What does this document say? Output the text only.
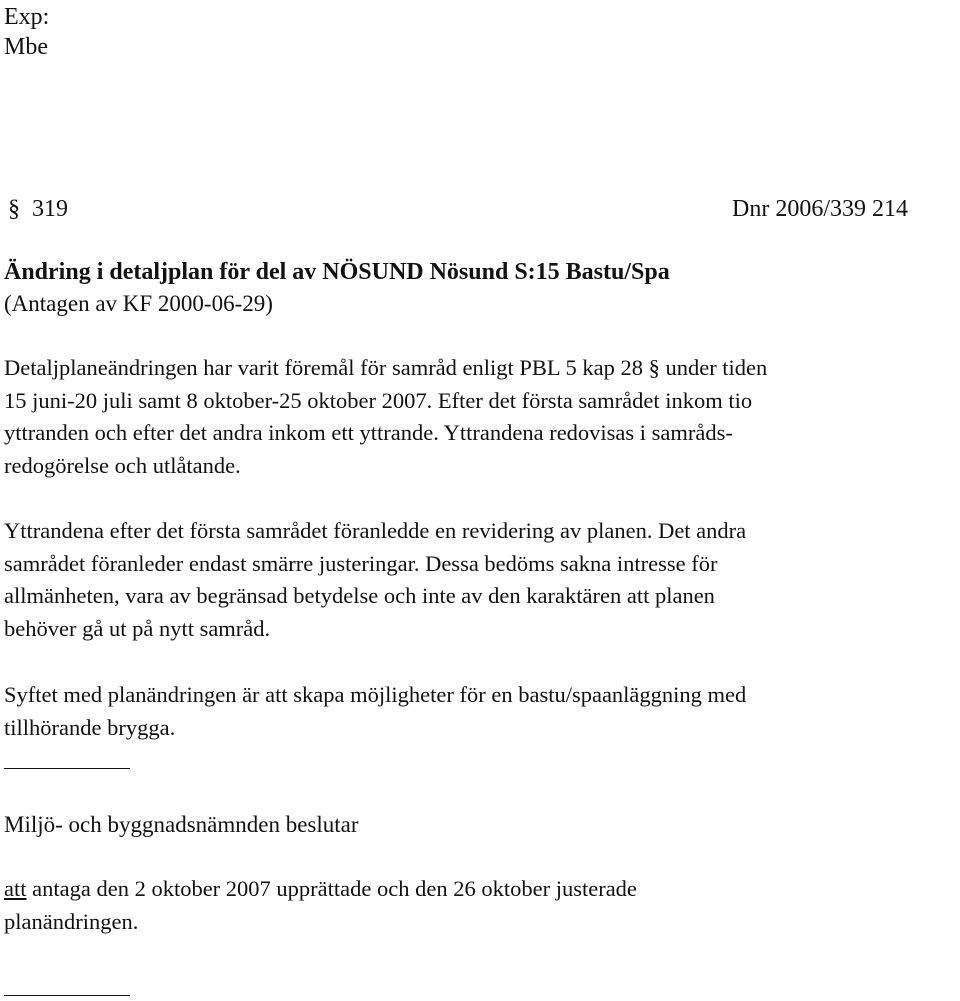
Exp:
Mbe
§ 319	Dnr 2006/339 214
Ändring i detaljplan för del av NÖSUND Nösund S:15 Bastu/Spa
(Antagen av KF 2000-06-29)
Detaljplaneändringen har varit föremål för samråd enligt PBL 5 kap 28 § under tiden
15 juni-20 juli samt 8 oktober-25 oktober 2007. Efter det första samrådet inkom tio
yttranden och efter det andra inkom ett yttrande. Yttrandena redovisas i samråds-
redogörelse och utlåtande.
Yttrandena efter det första samrådet föranledde en revidering av planen. Det andra
samrådet föranleder endast smärre justeringar. Dessa bedöms sakna intresse för
allmänheten, vara av begränsad betydelse och inte av den karaktären att planen
behöver gå ut på nytt samråd.
Syftet med planändringen är att skapa möjligheter för en bastu/spaanläggning med
tillhörande brygga.
Miljö- och byggnadsnämnden beslutar
att antaga den 2 oktober 2007 upprättade och den 26 oktober justerade
planändringen.
